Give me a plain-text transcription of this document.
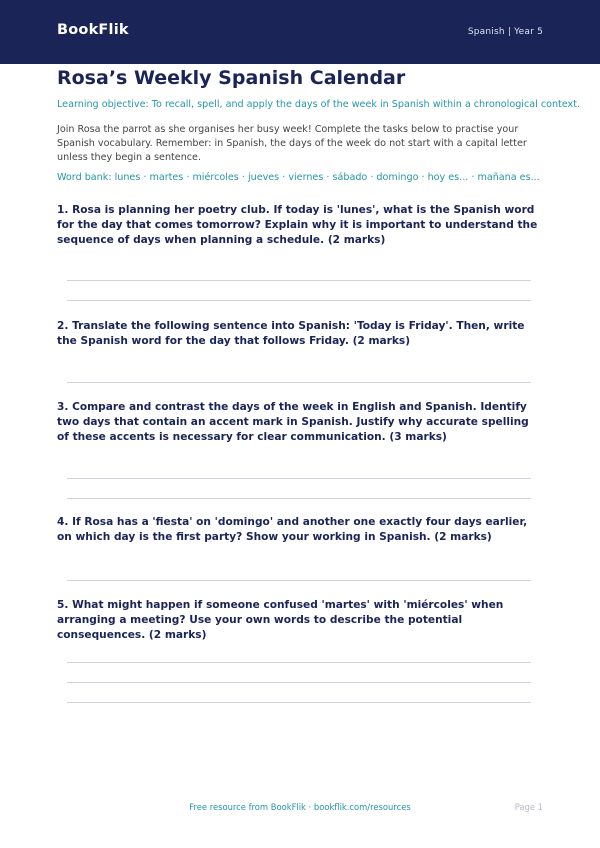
BookFlik	Spanish | Year 5
Rosa’s Weekly Spanish Calendar
Learning objective: To recall, spell, and apply the days of the week in Spanish within a chronological context.
Join Rosa the parrot as she organises her busy week! Complete the tasks below to practise your Spanish vocabulary. Remember: in Spanish, the days of the week do not start with a capital letter unless they begin a sentence.
Word bank: lunes · martes · miércoles · jueves · viernes · sábado · domingo · hoy es... · mañana es...
1. Rosa is planning her poetry club. If today is 'lunes', what is the Spanish word for the day that comes tomorrow? Explain why it is important to understand the sequence of days when planning a schedule. (2 marks)
2. Translate the following sentence into Spanish: 'Today is Friday'. Then, write the Spanish word for the day that follows Friday. (2 marks)
3. Compare and contrast the days of the week in English and Spanish. Identify two days that contain an accent mark in Spanish. Justify why accurate spelling of these accents is necessary for clear communication. (3 marks)
4. If Rosa has a 'fiesta' on 'domingo' and another one exactly four days earlier, on which day is the first party? Show your working in Spanish. (2 marks)
5. What might happen if someone confused 'martes' with 'miércoles' when arranging a meeting? Use your own words to describe the potential consequences. (2 marks)
Free resource from BookFlik · bookflik.com/resources	Page 1
